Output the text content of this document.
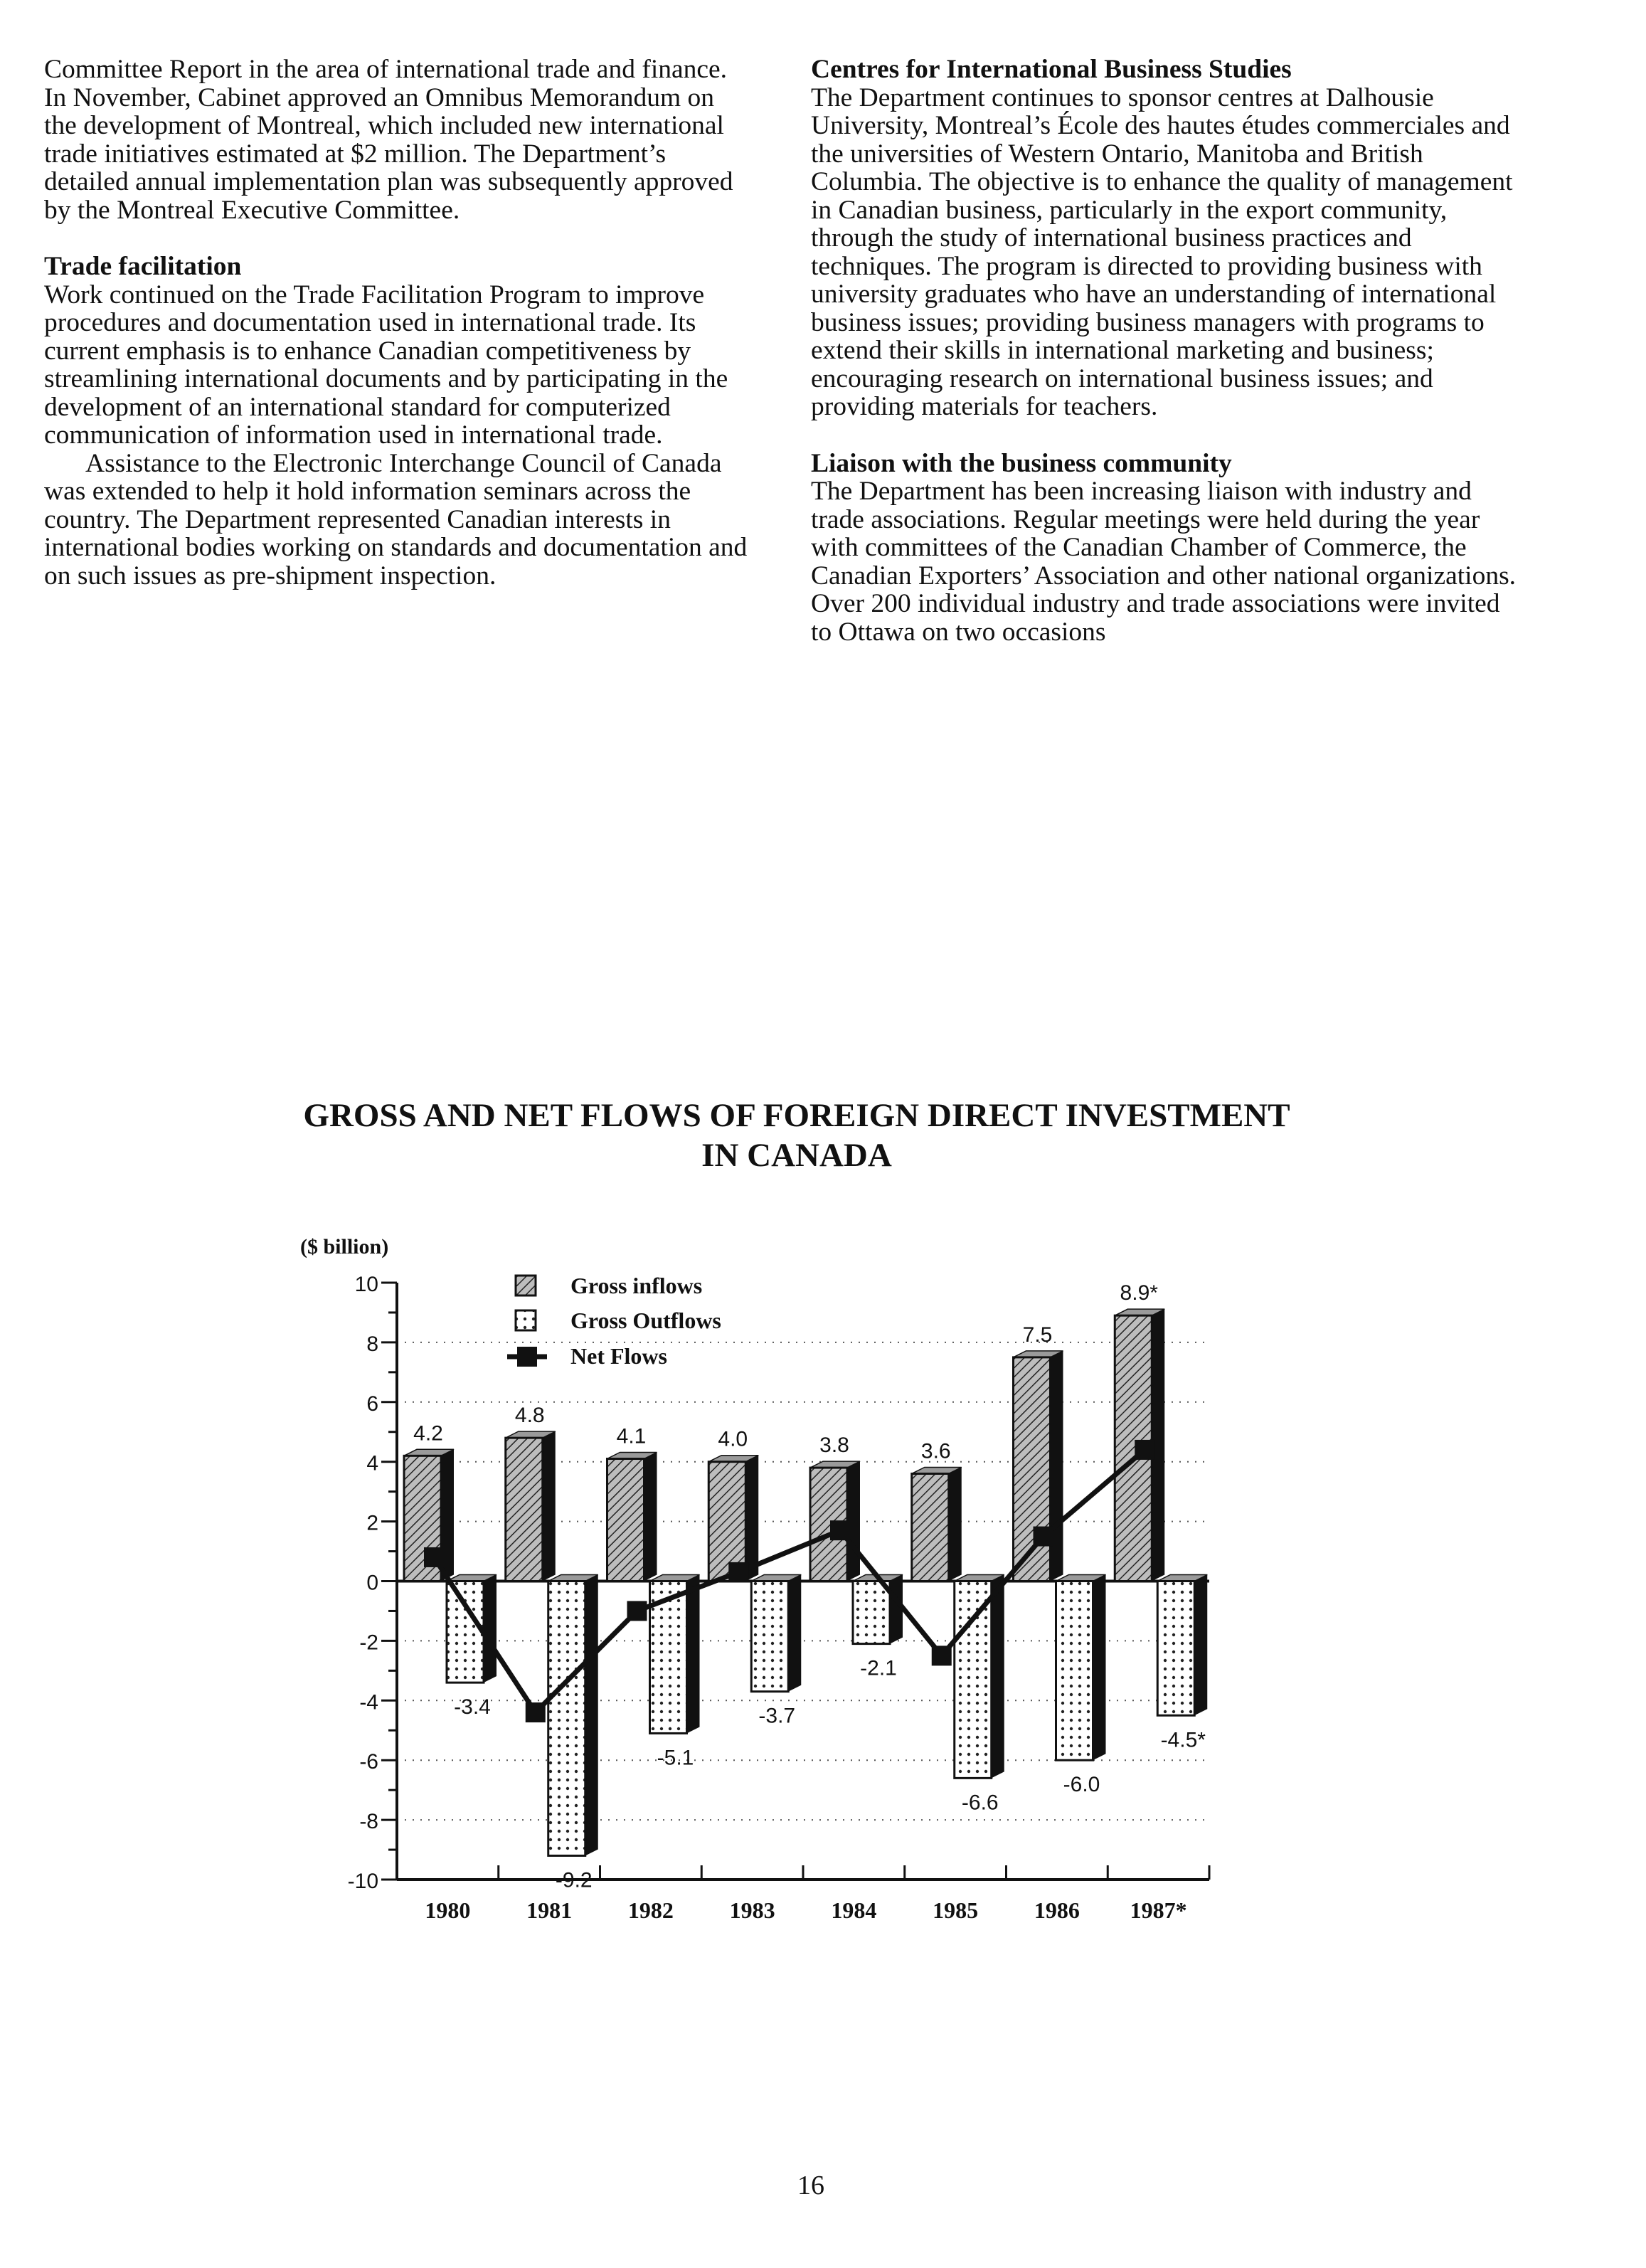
Committee Report in the area of international trade and finance. In November, Cabinet approved an Omnibus Memorandum on the development of Montreal, which included new international trade initiatives estimated at $2 million. The Department’s detailed annual implementation plan was subsequently approved by the Montreal Executive Committee.

Trade facilitation

Work continued on the Trade Facilitation Program to improve procedures and documentation used in international trade. Its current emphasis is to enhance Canadian competitiveness by streamlining international documents and by participating in the development of an international standard for computerized communication of information used in international trade.

Assistance to the Electronic Interchange Council of Canada was extended to help it hold information seminars across the country. The Department represented Canadian interests in international bodies working on standards and documentation and on such issues as pre-shipment inspection.

Centres for International Business Studies

The Department continues to sponsor centres at Dalhousie University, Montreal’s École des hautes études commerciales and the universities of Western Ontario, Manitoba and British Columbia. The objective is to enhance the quality of management in Canadian business, particularly in the export community, through the study of international business practices and techniques. The program is directed to providing business with university graduates who have an understanding of international business issues; providing business managers with programs to extend their skills in international marketing and business; encouraging research on international business issues; and providing materials for teachers.

Liaison with the business community

The Department has been increasing liaison with industry and trade associations. Regular meetings were held during the year with committees of the Canadian Chamber of Commerce, the Canadian Exporters’ Association and other national organizations. Over 200 individual industry and trade associations were invited to Ottawa on two occasions

GROSS AND NET FLOWS OF FOREIGN DIRECT INVESTMENT IN CANADA
10
8
6
4
2
0
-2
-4
-6
-8
-10
($ billion)
4.2
-3.4
1980
4.8
-9.2
1981
4.1
-5.1
1982
4.0
-3.7
1983
3.8
-2.1
1984
3.6
-6.6
1985
7.5
-6.0
1986
8.9*
-4.5*
1987*
Gross inflows
Gross Outflows
Net Flows
16
